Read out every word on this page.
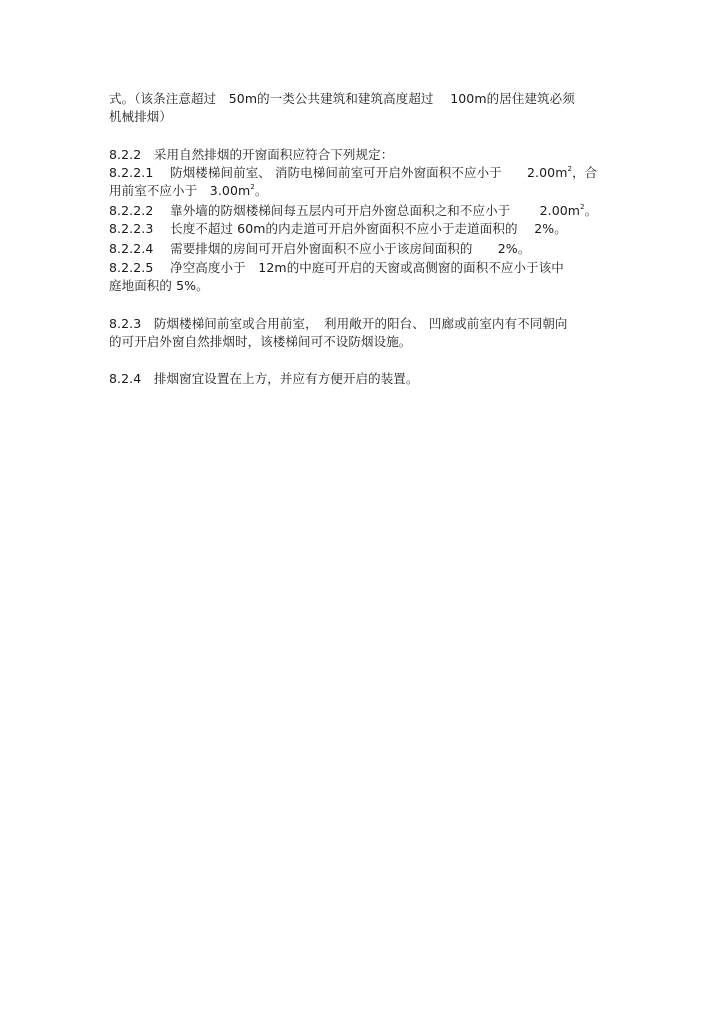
式。（该条注意超过　50m的一类公共建筑和建筑高度超过　 100m的居住建筑必须
机械排烟）
8.2.2　采用自然排烟的开窗面积应符合下列规定：
8.2.2.1　 防烟楼梯间前室、 消防电梯间前室可开启外窗面积不应小于　　$2.00m^2$，合
用前室不应小于　$3.00m^2$。
8.2.2.2　 靠外墙的防烟楼梯间每五层内可开启外窗总面积之和不应小于　　 $2.00m^2$。
8.2.2.3　 长度不超过 60m的内走道可开启外窗面积不应小于走道面积的　 2%。
8.2.2.4　 需要排烟的房间可开启外窗面积不应小于该房间面积的　　2%。
8.2.2.5　 净空高度小于　12m的中庭可开启的天窗或高侧窗的面积不应小于该中
庭地面积的 5%。
8.2.3　防烟楼梯间前室或合用前室，　利用敞开的阳台、 凹廊或前室内有不同朝向
的可开启外窗自然排烟时，该楼梯间可不设防烟设施。
8.2.4　排烟窗宜设置在上方，并应有方便开启的装置。
